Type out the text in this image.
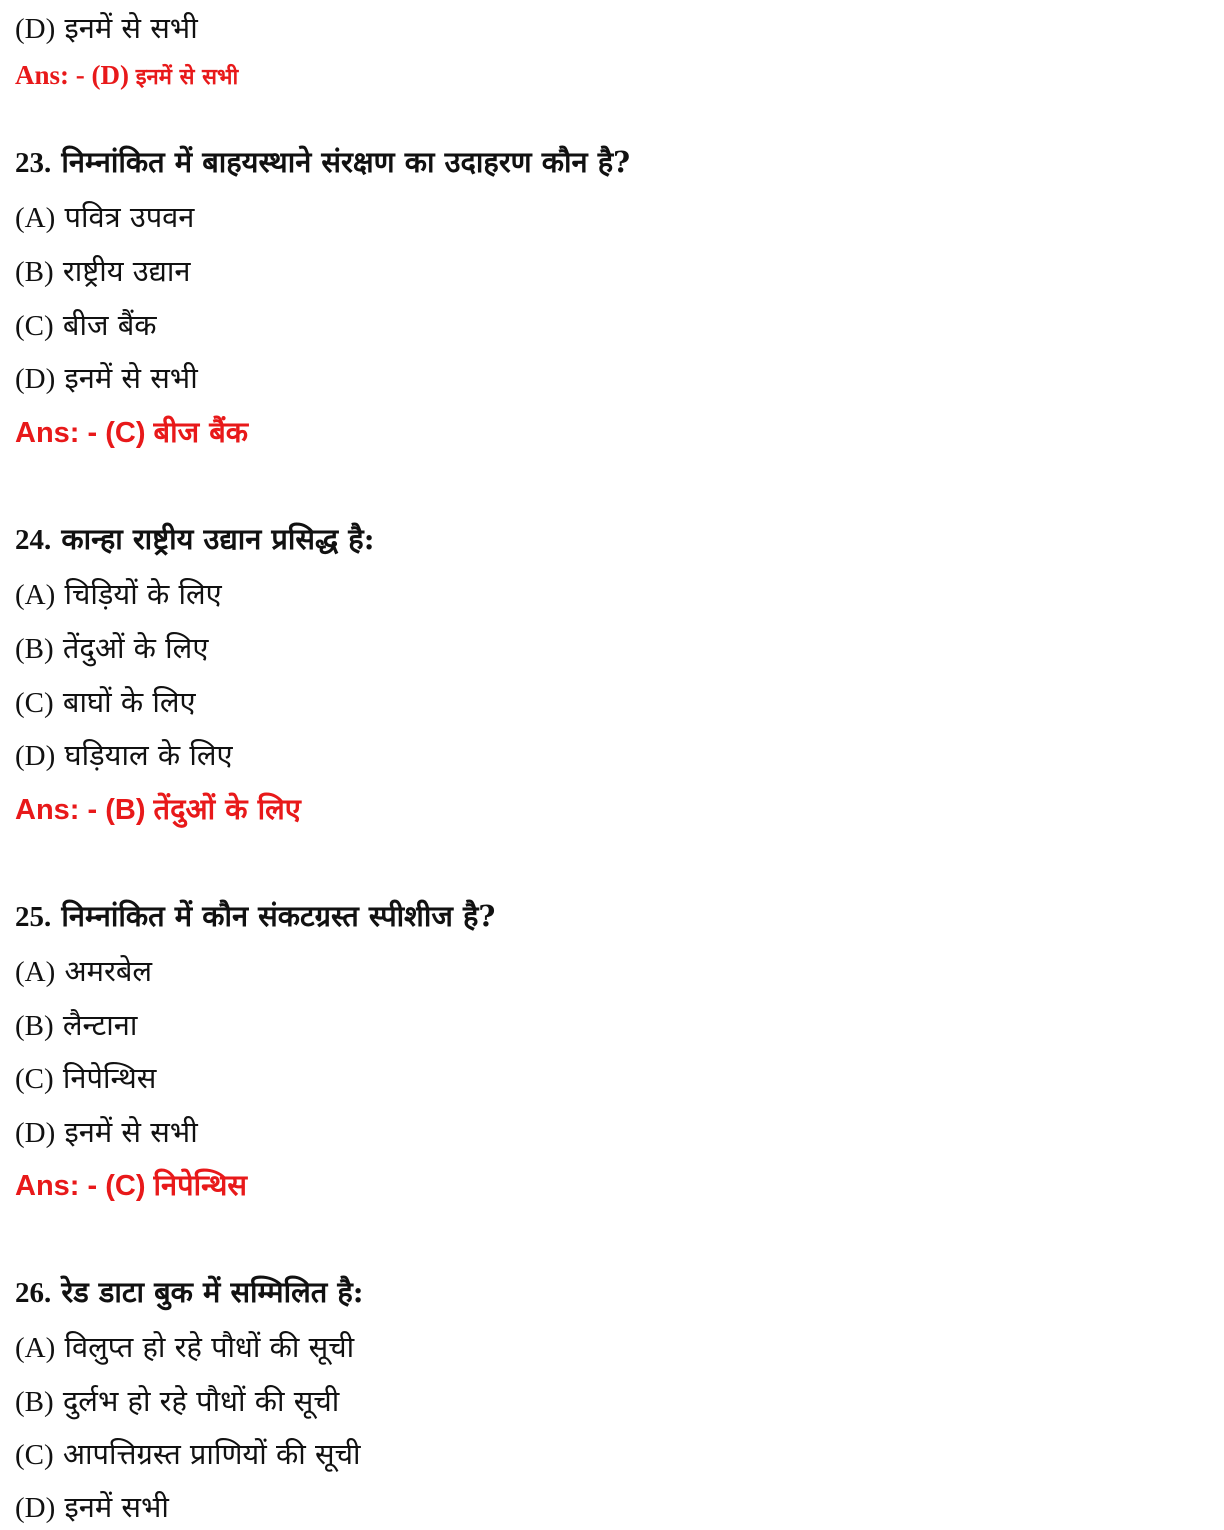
(D) इनमें से सभी
Ans: - (D) इनमें से सभी
23. निम्नांकित में बाहयस्थाने संरक्षण का उदाहरण कौन है?
(A) पवित्र उपवन
(B) राष्ट्रीय उद्यान
(C) बीज बैंक
(D) इनमें से सभी
Ans: - (C) बीज बैंक
24. कान्हा राष्ट्रीय उद्यान प्रसिद्ध है:
(A) चिड़ियों के लिए
(B) तेंदुओं के लिए
(C) बाघों के लिए
(D) घड़ियाल के लिए
Ans: - (B) तेंदुओं के लिए
25. निम्नांकित में कौन संकटग्रस्त स्पीशीज है?
(A) अमरबेल
(B) लैन्टाना
(C) निपेन्थिस
(D) इनमें से सभी
Ans: - (C) निपेन्थिस
26. रेड डाटा बुक में सम्मिलित है:
(A) विलुप्त हो रहे पौधों की सूची
(B) दुर्लभ हो रहे पौधों की सूची
(C) आपत्तिग्रस्त प्राणियों की सूची
(D) इनमें सभी
